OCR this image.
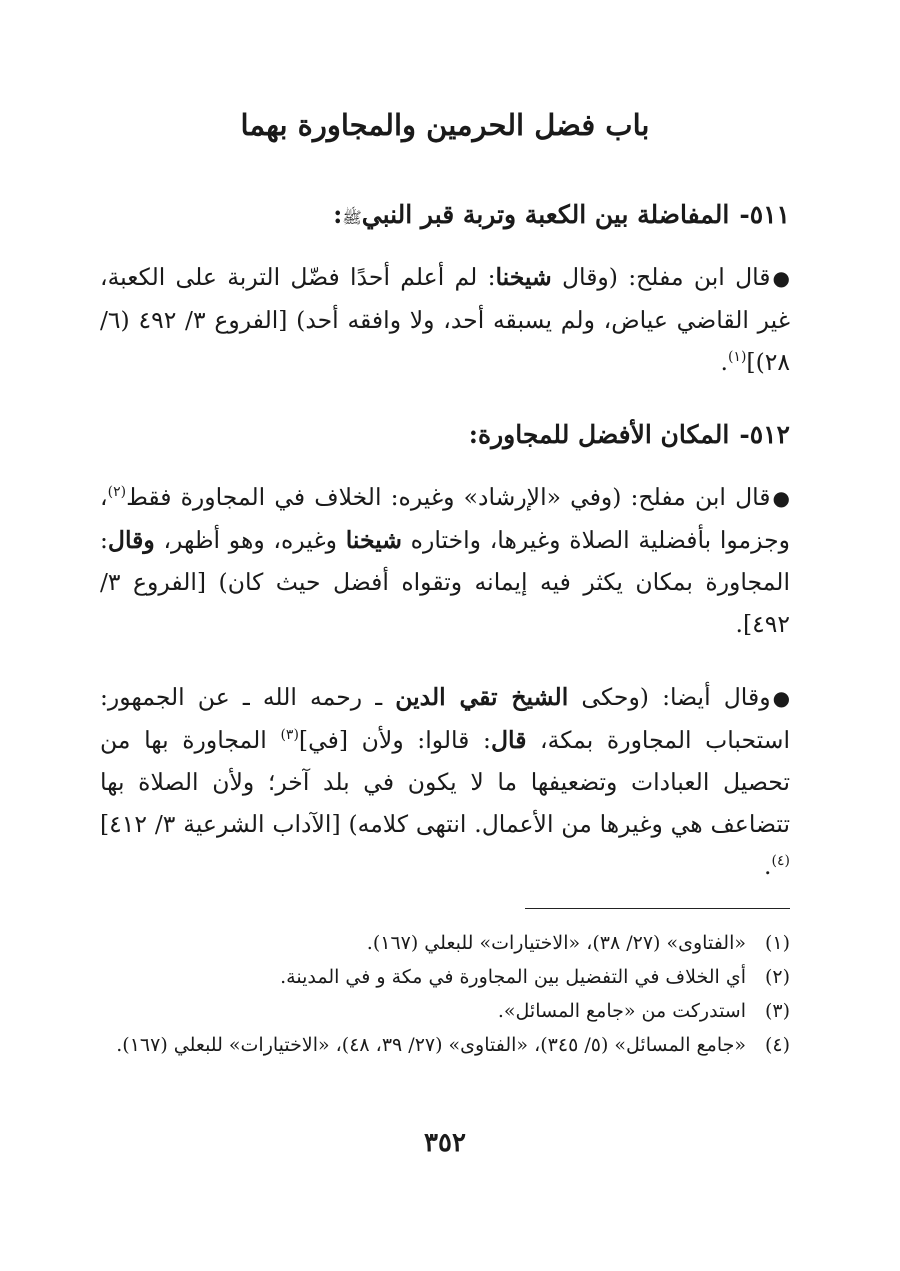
باب فضل الحرمين والمجاورة بهما
٥١١-المفاضلة بين الكعبة وتربة قبر النبيﷺ:

●قال ابن مفلح: (وقال شيخنا: لم أعلم أحدًا فضّل التربة على الكعبة، غير القاضي عياض، ولم يسبقه أحد، ولا وافقه أحد) [الفروع ٣/ ٤٩٢ (٦/ ٢٨)]$^{(١)}$.

٥١٢-المكان الأفضل للمجاورة:

●قال ابن مفلح: (وفي «الإرشاد» وغيره: الخلاف في المجاورة فقط$^{(٢)}$، وجزموا بأفضلية الصلاة وغيرها، واختاره شيخنا وغيره، وهو أظهر، وقال: المجاورة بمكان يكثر فيه إيمانه وتقواه أفضل حيث كان) [الفروع ٣/ ٤٩٢].

●وقال أيضا: (وحكى الشيخ تقي الدين ـ رحمه الله ـ عن الجمهور: استحباب المجاورة بمكة، قال: قالوا: ولأن [في]$^{(٣)}$ المجاورة بها من تحصيل العبادات وتضعيفها ما لا يكون في بلد آخر؛ ولأن الصلاة بها تتضاعف هي وغيرها من الأعمال. انتهى كلامه) [الآداب الشرعية ٣/ ٤١٢]$^{(٤)}$.

(١)
«الفتاوى» (٢٧/ ٣٨)، «الاختيارات» للبعلي (١٦٧).
(٢)
أي الخلاف في التفضيل بين المجاورة في مكة و في المدينة.
(٣)
استدركت من «جامع المسائل».
(٤)
«جامع المسائل» (٥/ ٣٤٥)، «الفتاوى» (٢٧/ ٣٩، ٤٨)، «الاختيارات» للبعلي (١٦٧).
٣٥٢
